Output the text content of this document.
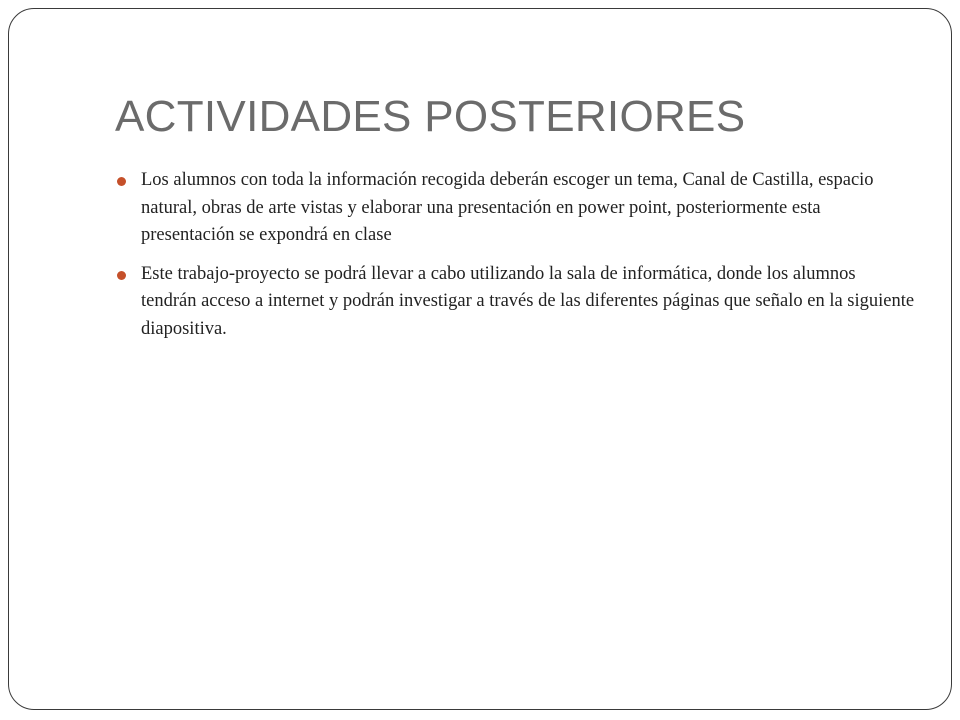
ACTIVIDADES POSTERIORES
Los alumnos con toda la información recogida deberán escoger un tema, Canal de Castilla, espacio natural, obras de arte vistas y elaborar una presentación en power point, posteriormente esta presentación se expondrá en clase
Este trabajo-proyecto se podrá llevar a cabo utilizando la sala de informática, donde los alumnos tendrán acceso a internet y podrán investigar a través de las diferentes páginas que señalo en la siguiente diapositiva.
